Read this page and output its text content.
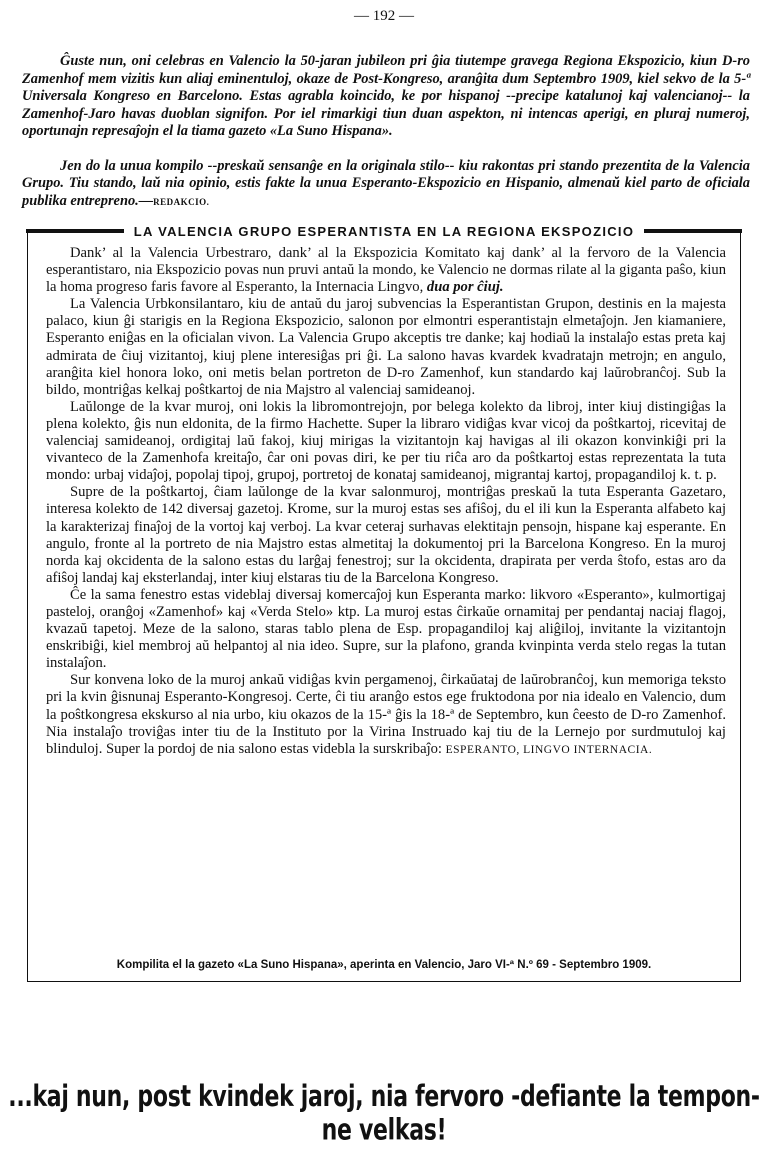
— 192 —

Ĝuste nun, oni celebras en Valencio la 50-jaran jubileon pri ĝia tiutempe gravega Regiona Ekspozicio, kiun D-ro Zamenhof mem vizitis kun aliaj eminentuloj, okaze de Post-Kongreso, aranĝita dum Septembro 1909, kiel sekvo de la 5-ª Universala Kongreso en Barcelono. Estas agrabla koincido, ke por hispanoj --precipe katalunoj kaj valencianoj-- la Zamenhof-Jaro havas duoblan signifon. Por iel rimarkigi tiun duan aspekton, ni intencas aperigi, en pluraj numeroj, oportunajn represaĵojn el la tiama gazeto «La Suno Hispana».

Jen do la unua kompilo --preskaŭ sensanĝe en la originala stilo-- kiu rakontas pri stando prezentita de la Valencia Grupo. Tiu stando, laŭ nia opinio, estis fakte la unua Esperanto-Ekspozicio en Hispanio, almenaŭ kiel parto de oficiala publika entrepreno.—REDAKCIO.

LA VALENCIA GRUPO ESPERANTISTA EN LA REGIONA EKSPOZICIO

Dank’ al la Valencia Urbestraro, dank’ al la Ekspozicia Komitato kaj dank’ al la fervoro de la Valencia esperantistaro, nia Ekspozicio povas nun pruvi antaŭ la mondo, ke Valencio ne dormas rilate al la giganta paŝo, kiun la homa progreso faris favore al Esperanto, la Internacia Lingvo, dua por ĉiuj.

La Valencia Urbkonsilantaro, kiu de antaŭ du jaroj subvencias la Esperantistan Grupon, destinis en la majesta palaco, kiun ĝi starigis en la Regiona Ekspozicio, salonon por elmontri esperantistajn elmetaĵojn. Jen kiamaniere, Esperanto eniĝas en la oficialan vivon. La Valencia Grupo akceptis tre danke; kaj hodiaŭ la instalaĵo estas preta kaj admirata de ĉiuj vizitantoj, kiuj plene interesiĝas pri ĝi. La salono havas kvardek kvadratajn metrojn; en angulo, aranĝita kiel honora loko, oni metis belan portreton de D-ro Zamenhof, kun standardo kaj laŭrobranĉoj. Sub la bildo, montriĝas kelkaj poŝtkartoj de nia Majstro al valenciaj samideanoj.

Laŭlonge de la kvar muroj, oni lokis la libromontrejojn, por belega kolekto da libroj, inter kiuj distingiĝas la plena kolekto, ĝis nun eldonita, de la firmo Hachette. Super la libraro vidiĝas kvar vicoj da poŝtkartoj, ricevitaj de valenciaj samideanoj, ordigitaj laŭ fakoj, kiuj mirigas la vizitantojn kaj havigas al ili okazon konvinkiĝi pri la vivanteco de la Zamenhofa kreitaĵo, ĉar oni povas diri, ke per tiu riĉa aro da poŝtkartoj estas reprezentata la tuta mondo: urbaj vidaĵoj, popolaj tipoj, grupoj, portretoj de konataj samideanoj, migrantaj kartoj, propagandiloj k. t. p.

Supre de la poŝtkartoj, ĉiam laŭlonge de la kvar salonmuroj, montriĝas preskaŭ la tuta Esperanta Gazetaro, interesa kolekto de 142 diversaj gazetoj. Krome, sur la muroj estas ses afiŝoj, du el ili kun la Esperanta alfabeto kaj la karakterizaj finaĵoj de la vortoj kaj verboj. La kvar ceteraj surhavas elektitajn pensojn, hispane kaj esperante. En angulo, fronte al la portreto de nia Majstro estas almetitaj la dokumentoj pri la Barcelona Kongreso. En la muroj norda kaj okcidenta de la salono estas du larĝaj fenestroj; sur la okcidenta, drapirata per verda ŝtofo, estas aro da afiŝoj landaj kaj eksterlandaj, inter kiuj elstaras tiu de la Barcelona Kongreso.

Ĉe la sama fenestro estas videblaj diversaj komercaĵoj kun Esperanta marko: likvoro «Esperanto», kulmortigaj pasteloj, oranĝoj «Zamenhof» kaj «Verda Stelo» ktp. La muroj estas ĉirkaŭe ornamitaj per pendantaj naciaj flagoj, kvazaŭ tapetoj. Meze de la salono, staras tablo plena de Esp. propagandiloj kaj aliĝiloj, invitante la vizitantojn enskribiĝi, kiel membroj aŭ helpantoj al nia ideo. Supre, sur la plafono, granda kvinpinta verda stelo regas la tutan instalaĵon.

Sur konvena loko de la muroj ankaŭ vidiĝas kvin pergamenoj, ĉirkaŭataj de laŭrobranĉoj, kun memoriga teksto pri la kvin ĝisnunaj Esperanto-Kongresoj. Certe, ĉi tiu aranĝo estos ege fruktodona por nia idealo en Valencio, dum la poŝtkongresa ekskurso al nia urbo, kiu okazos de la 15-ª ĝis la 18-ª de Septembro, kun ĉeesto de D-ro Zamenhof. Nia instalaĵo troviĝas inter tiu de la Instituto por la Virina Instruado kaj tiu de la Lernejo por surdmutuloj kaj blinduloj. Super la pordoj de nia salono estas videbla la surskribaĵo: ESPERANTO, LINGVO INTERNACIA.

Kompilita el la gazeto «La Suno Hispana», aperinta en Valencio, Jaro VI-ª N.º 69 - Septembro 1909.
...kaj nun, post kvindek jaroj, nia fervoro -defiante la tempon- ne velkas!
